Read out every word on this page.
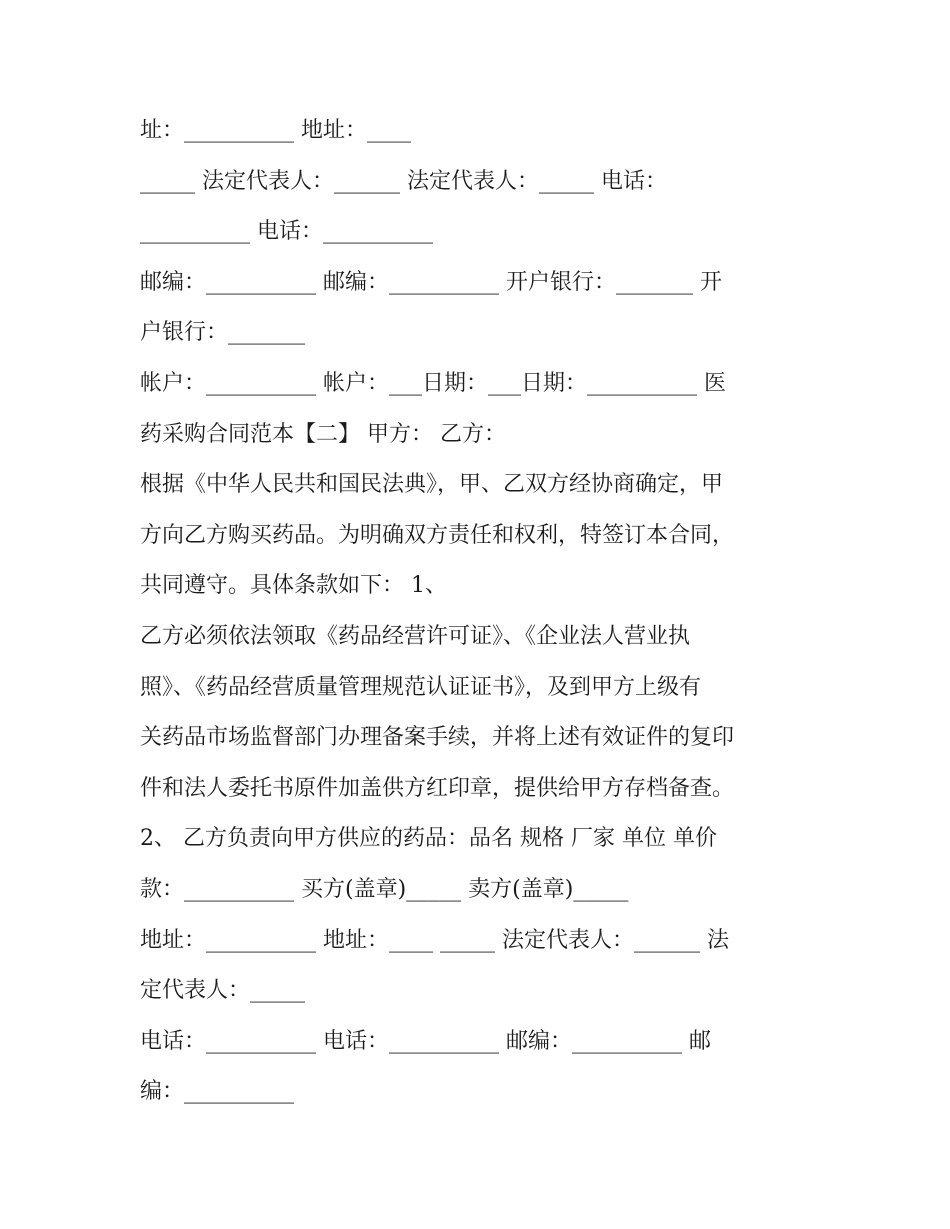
址：__________ 地址：____
_____ 法定代表人：______ 法定代表人：_____ 电话：
__________ 电话：__________
邮编：__________ 邮编：__________ 开户银行：_______ 开
户银行：_______
帐户：__________ 帐户：___日期：___日期：__________ 医
药采购合同范本【二】 甲方： 乙方：
根据《中华人民共和国民法典》，甲、乙双方经协商确定，甲
方向乙方购买药品。为明确双方责任和权利，特签订本合同，
共同遵守。具体条款如下： 1、
乙方必须依法领取《药品经营许可证》、《企业法人营业执
照》、《药品经营质量管理规范认证证书》，及到甲方上级有
关药品市场监督部门办理备案手续，并将上述有效证件的复印
件和法人委托书原件加盖供方红印章，提供给甲方存档备查。
2、 乙方负责向甲方供应的药品：品名 规格 厂家 单位 单价
款：__________ 买方(盖章)_____ 卖方(盖章)_____
地址：__________ 地址：____ _____ 法定代表人：______ 法
定代表人：_____
电话：__________ 电话：__________ 邮编：__________ 邮
编：__________
